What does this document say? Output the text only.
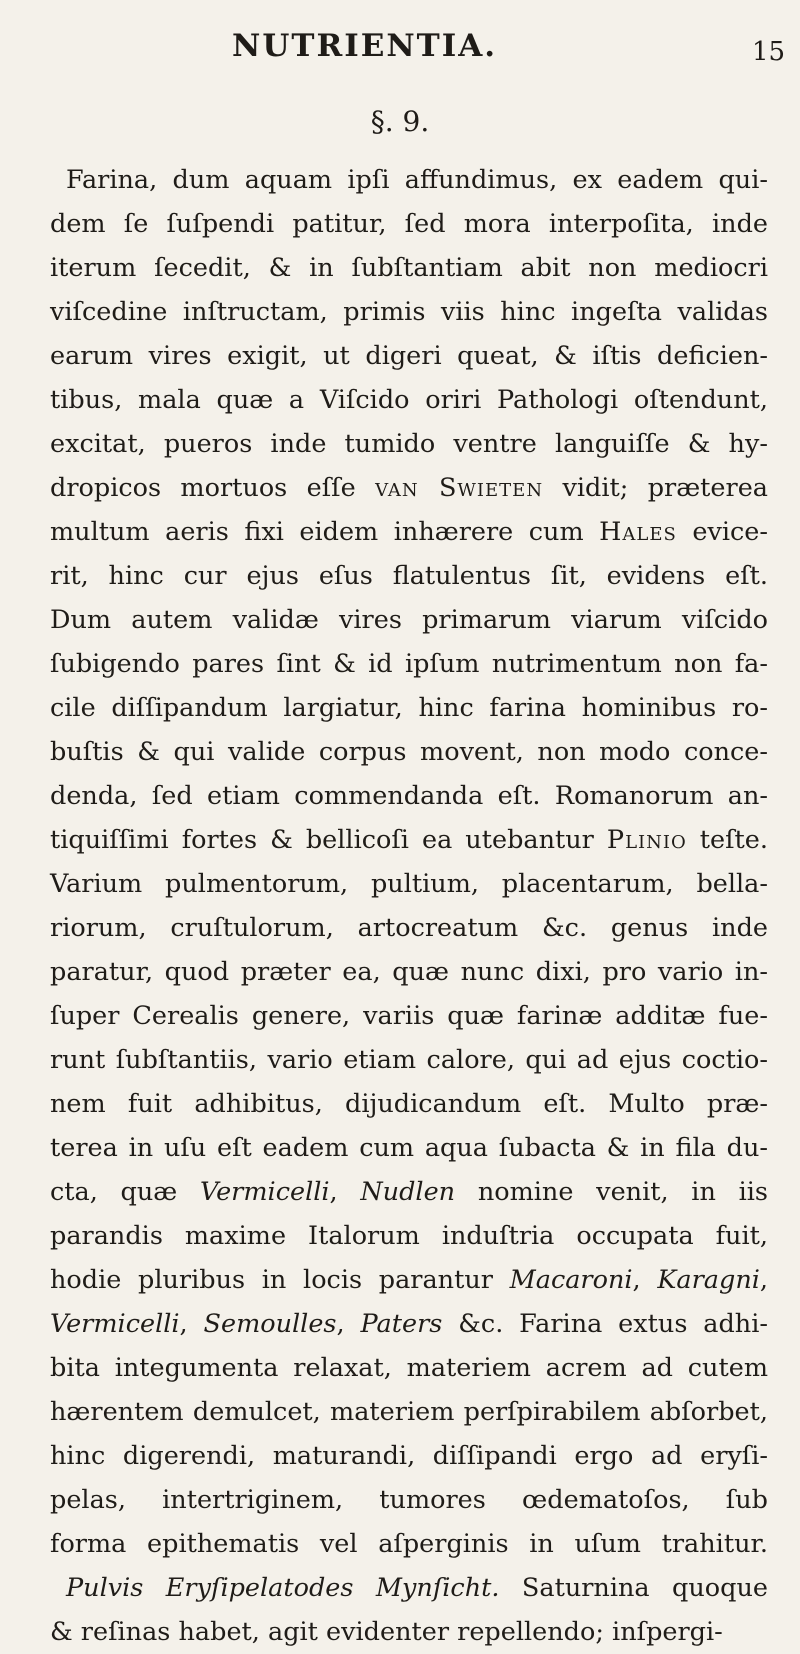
NUTRIENTIA.	15
§. 9.
Farina, dum aquam ipſi affundimus, ex eadem qui-
dem ſe ſuſpendi patitur, ſed mora interpoſita, inde
iterum ſecedit, & in ſubſtantiam abit non mediocri
viſcedine inſtructam, primis viis hinc ingeſta validas
earum vires exigit, ut digeri queat, & iſtis deficien-
tibus, mala quæ a Viſcido oriri Pathologi oſtendunt,
excitat, pueros inde tumido ventre languiſſe & hy-
dropicos mortuos eſſe van Swieten vidit; præterea
multum aeris fixi eidem inhærere cum Hales evice-
rit, hinc cur ejus eſus flatulentus ſit, evidens eſt.
Dum autem validæ vires primarum viarum viſcido
ſubigendo pares ſint & id ipſum nutrimentum non fa-
cile diſſipandum largiatur, hinc farina hominibus ro-
buſtis & qui valide corpus movent, non modo conce-
denda, ſed etiam commendanda eſt. Romanorum an-
tiquiſſimi fortes & bellicoſi ea utebantur Plinio teſte.
Varium pulmentorum, pultium, placentarum, bella-
riorum, cruſtulorum, artocreatum &c. genus inde
paratur, quod præter ea, quæ nunc dixi, pro vario in-
ſuper Cerealis genere, variis quæ farinæ additæ fue-
runt ſubſtantiis, vario etiam calore, qui ad ejus coctio-
nem fuit adhibitus, dijudicandum eſt. Multo præ-
terea in uſu eſt eadem cum aqua ſubacta & in fila du-
cta, quæ Vermicelli, Nudlen nomine venit, in iis
parandis maxime Italorum induſtria occupata fuit,
hodie pluribus in locis parantur Macaroni, Karagni,
Vermicelli, Semoulles, Paters &c. Farina extus adhi-
bita integumenta relaxat, materiem acrem ad cutem
hærentem demulcet, materiem perſpirabilem abſorbet,
hinc digerendi, maturandi, diſſipandi ergo ad eryſi-
pelas, intertriginem, tumores œdematoſos, ſub
forma epithematis vel aſperginis in uſum trahitur.
Pulvis Eryſipelatodes Mynſicht. Saturnina quoque
& reſinas habet, agit evidenter repellendo; inſpergi-
